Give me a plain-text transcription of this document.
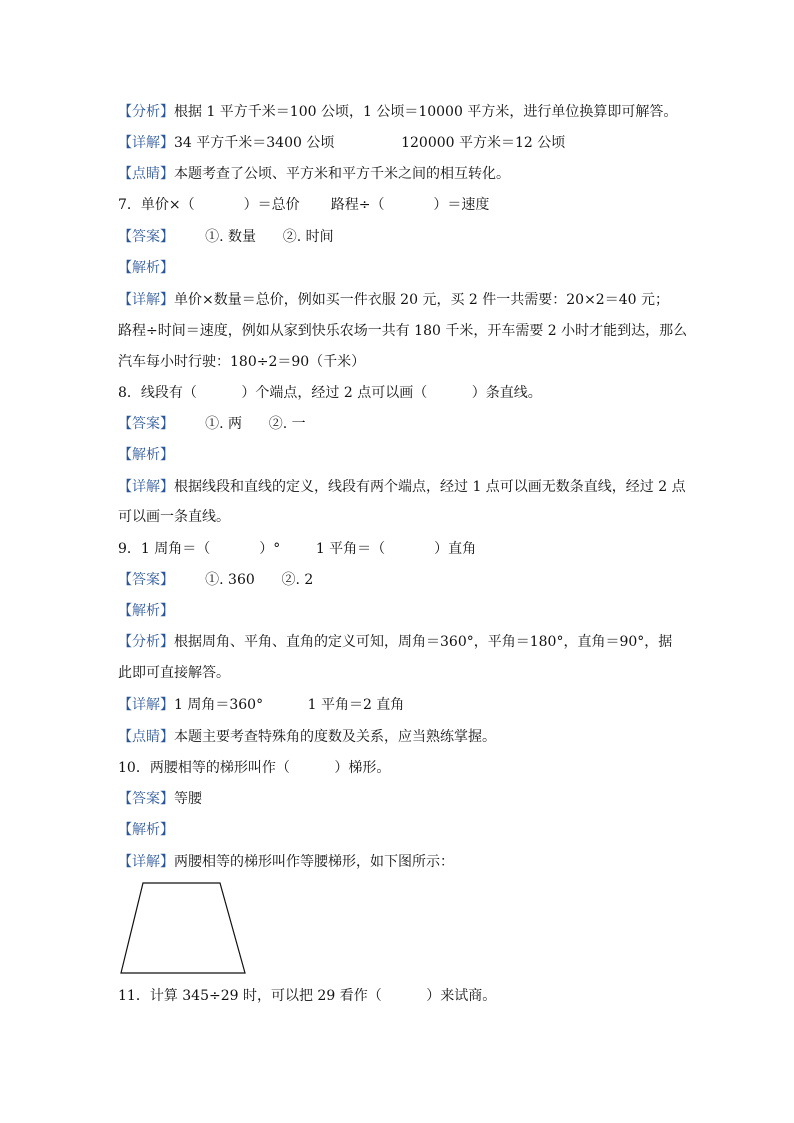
【分析】根据 1 平方千米＝100 公顷，1 公顷＝10000 平方米，进行单位换算即可解答。
【详解】34 平方千米＝3400 公顷               120000 平方米＝12 公顷
【点睛】本题考查了公顷、平方米和平方千米之间的相互转化。
7．单价×（           ）＝总价       路程÷（           ）＝速度
【答案】       ①. 数量      ②. 时间
【解析】
【详解】单价×数量＝总价，例如买一件衣服 20 元，买 2 件一共需要：20×2＝40 元；
路程÷时间＝速度，例如从家到快乐农场一共有 180 千米，开车需要 2 小时才能到达，那么
汽车每小时行驶：180÷2＝90（千米）
8．线段有（          ）个端点，经过 2 点可以画（          ）条直线。
【答案】       ①. 两      ②. 一
【解析】
【详解】根据线段和直线的定义，线段有两个端点，经过 1 点可以画无数条直线，经过 2 点
可以画一条直线。
9．1 周角＝（           ）°        1 平角＝（           ）直角
【答案】       ①. 360      ②. 2
【解析】
【分析】根据周角、平角、直角的定义可知，周角＝360°，平角＝180°，直角＝90°，据
此即可直接解答。
【详解】1 周角＝360°          1 平角＝2 直角
【点睛】本题主要考查特殊角的度数及关系，应当熟练掌握。
10．两腰相等的梯形叫作（          ）梯形。
【答案】等腰
【解析】
【详解】两腰相等的梯形叫作等腰梯形，如下图所示：
11．计算 345÷29 时，可以把 29 看作（          ）来试商。
